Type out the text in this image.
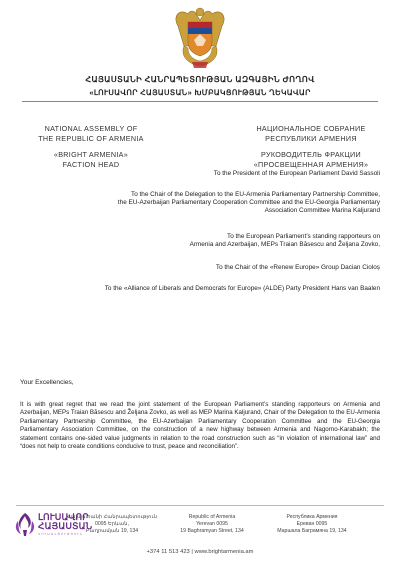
ՀԱՅԱՍՏԱՆԻ ՀԱՆՐԱՊԵՏՈՒԹՅԱՆ ԱԶԳԱՅԻՆ ԺՈՂՈՎ
«ԼՈՒՍԱՎՈՐ ՀԱՅԱՍՏԱՆ» ԽՄԲԱԿՑՈՒԹՅԱՆ ՂԵԿԱՎԱՐ
NATIONAL ASSEMBLY OF
THE REPUBLIC OF ARMENIA
«BRIGHT ARMENIA»
FACTION HEAD
НАЦИОНАЛЬНОЕ СОБРАНИЕ
РЕСПУБЛИКИ АРМЕНИЯ
РУКОВОДИТЕЛЬ ФРАКЦИИ
«ПРОСВЕЩЕННАЯ АРМЕНИЯ»
To the President of the European Parliament David Sassoli
To the Chair of the Delegation to the EU-Armenia Parliamentary Partnership Committee,
the EU-Azerbaijan Parliamentary Cooperation Committee and the EU-Georgia Parliamentary
Association Committee Marina Kaljurand
To the European Parliament’s standing rapporteurs on
Armenia and Azerbaijan, MEPs Traian Băsescu and Željana Zovko,
To the Chair of the «Renew Europe» Group Dacian Cioloș
To the «Alliance of Liberals and Democrats for Europe» (ALDE) Party President Hans van Baalen
Your Excellencies,
It is with great regret that we read the joint statement of the European Parliament’s standing rapporteurs on Armenia and Azerbaijan, MEPs Traian Băsescu and Željana Zovko, as well as MEP Marina Kaljurand, Chair of the Delegation to the EU-Armenia Parliamentary Partnership Committee, the EU-Azerbaijan Parliamentary Cooperation Committee and the EU-Georgia Parliamentary Association Committee, on the construction of a new highway between Armenia and Nagorno-Karabakh; the statement contains one-sided value judgments in relation to the road construction such as “in violation of international law” and “does not help to create conditions conducive to trust, peace and reconciliation”.
ԼՈՒՍԱՎՈՐ
ՀԱՅԱՍՏԱՆ
ԿՈՒՍԱԿՑՈՒԹՅՈՒՆ
Հայաստանի Հանրապետություն
0095 Երևան,
Բաղրամյան 19, 134
Republic of Armenia
Yerevan 0095
19 Baghramyan Street, 134
Республика Армения
Ереван 0095
Маршала Баграмяна 19, 134
+374 11 513 423 | www.brightarmenia.am
